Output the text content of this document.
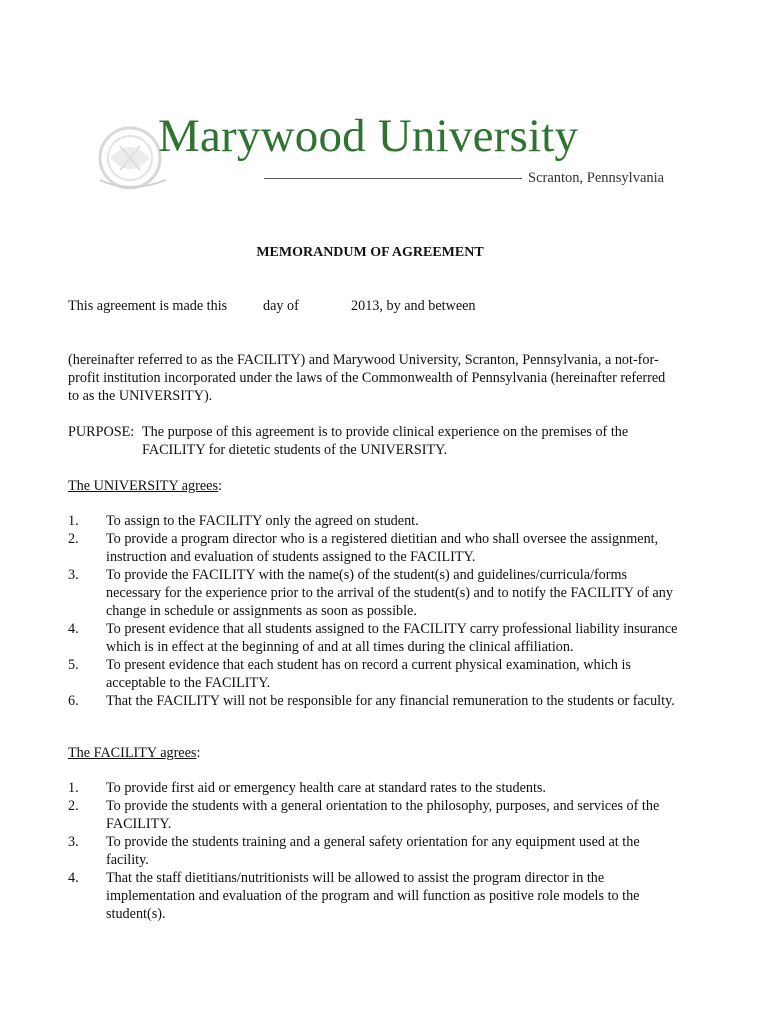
Marywood University
Scranton, Pennsylvania
MEMORANDUM OF AGREEMENT
This agreement is made this	day of	2013, by and between
(hereinafter referred to as the FACILITY) and Marywood University, Scranton, Pennsylvania, a not-for-profit institution incorporated under the laws of the Commonwealth of Pennsylvania (hereinafter referred to as the UNIVERSITY).
PURPOSE: The purpose of this agreement is to provide clinical experience on the premises of the
FACILITY for dietetic students of the UNIVERSITY.
The UNIVERSITY agrees:
1. To assign to the FACILITY only the agreed on student.
2. To provide a program director who is a registered dietitian and who shall oversee the assignment, instruction and evaluation of students assigned to the FACILITY.
3. To provide the FACILITY with the name(s) of the student(s) and guidelines/curricula/forms necessary for the experience prior to the arrival of the student(s) and to notify the FACILITY of any change in schedule or assignments as soon as possible.
4. To present evidence that all students assigned to the FACILITY carry professional liability insurance which is in effect at the beginning of and at all times during the clinical affiliation.
5. To present evidence that each student has on record a current physical examination, which is acceptable to the FACILITY.
6. That the FACILITY will not be responsible for any financial remuneration to the students or faculty.
The FACILITY agrees:
1. To provide first aid or emergency health care at standard rates to the students.
2. To provide the students with a general orientation to the philosophy, purposes, and services of the FACILITY.
3. To provide the students training and a general safety orientation for any equipment used at the facility.
4. That the staff dietitians/nutritionists will be allowed to assist the program director in the implementation and evaluation of the program and will function as positive role models to the student(s).
